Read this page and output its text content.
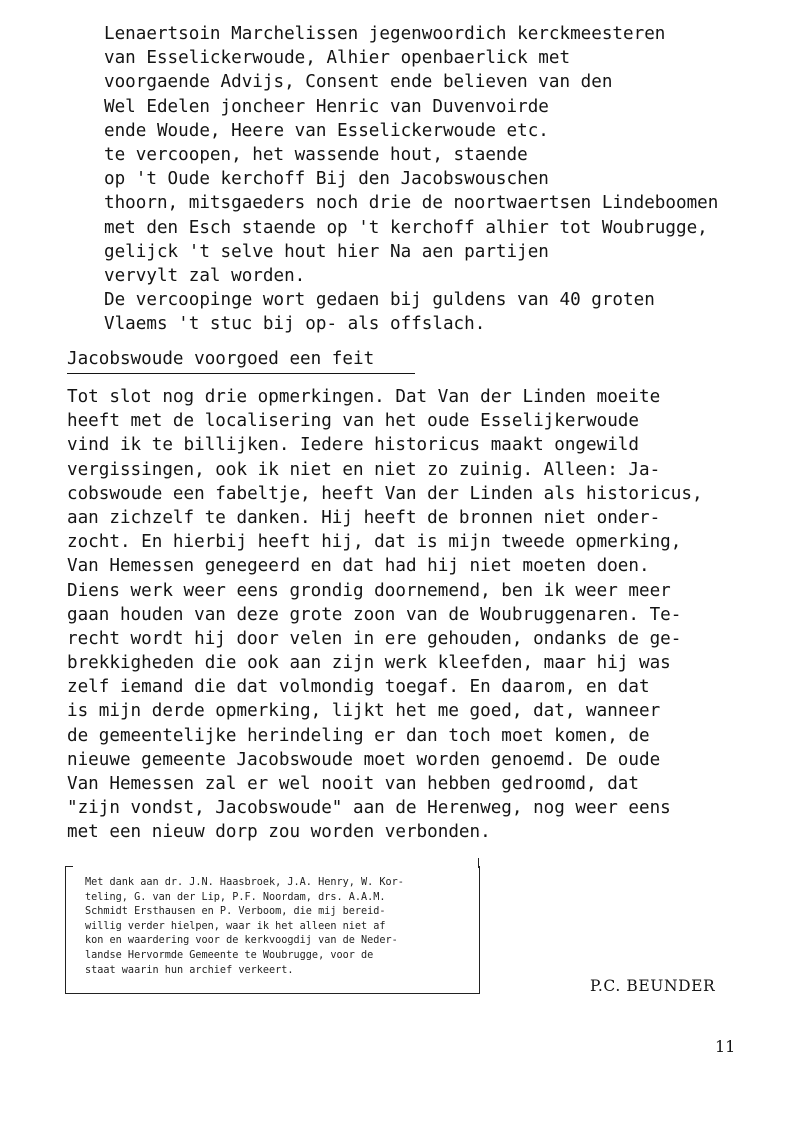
Lenaertsoin Marchelissen jegenwoordich kerckmeesteren
van Esselickerwoude, Alhier openbaerlick met
voorgaende Advijs, Consent ende believen van den
Wel Edelen joncheer Henric van Duvenvoirde
ende Woude, Heere van Esselickerwoude etc.
te vercoopen, het wassende hout, staende
op 't Oude kerchoff Bij den Jacobswouschen
thoorn, mitsgaeders noch drie de noortwaertsen Lindeboomen
met den Esch staende op 't kerchoff alhier tot Woubrugge,
gelijck 't selve hout hier Na aen partijen
vervylt zal worden.
De vercoopinge wort gedaen bij guldens van 40 groten
Vlaems 't stuc bij op- als offslach.
Jacobswoude voorgoed een feit
Tot slot nog drie opmerkingen. Dat Van der Linden moeite
heeft met de localisering van het oude Esselijkerwoude
vind ik te billijken. Iedere historicus maakt ongewild
vergissingen, ook ik niet en niet zo zuinig. Alleen: Ja-
cobswoude een fabeltje, heeft Van der Linden als historicus,
aan zichzelf te danken. Hij heeft de bronnen niet onder-
zocht. En hierbij heeft hij, dat is mijn tweede opmerking,
Van Hemessen genegeerd en dat had hij niet moeten doen.
Diens werk weer eens grondig doornemend, ben ik weer meer
gaan houden van deze grote zoon van de Woubruggenaren. Te-
recht wordt hij door velen in ere gehouden, ondanks de ge-
brekkigheden die ook aan zijn werk kleefden, maar hij was
zelf iemand die dat volmondig toegaf. En daarom, en dat
is mijn derde opmerking, lijkt het me goed, dat, wanneer
de gemeentelijke herindeling er dan toch moet komen, de
nieuwe gemeente Jacobswoude moet worden genoemd. De oude
Van Hemessen zal er wel nooit van hebben gedroomd, dat
"zijn vondst, Jacobswoude" aan de Herenweg, nog weer eens
met een nieuw dorp zou worden verbonden.
Met dank aan dr. J.N. Haasbroek, J.A. Henry, W. Kor-
teling, G. van der Lip, P.F. Noordam, drs. A.A.M.
Schmidt Ersthausen en P. Verboom, die mij bereid-
willig verder hielpen, waar ik het alleen niet af
kon en waardering voor de kerkvoogdij van de Neder-
landse Hervormde Gemeente te Woubrugge, voor de
staat waarin hun archief verkeert.
P.C. BEUNDER
11
